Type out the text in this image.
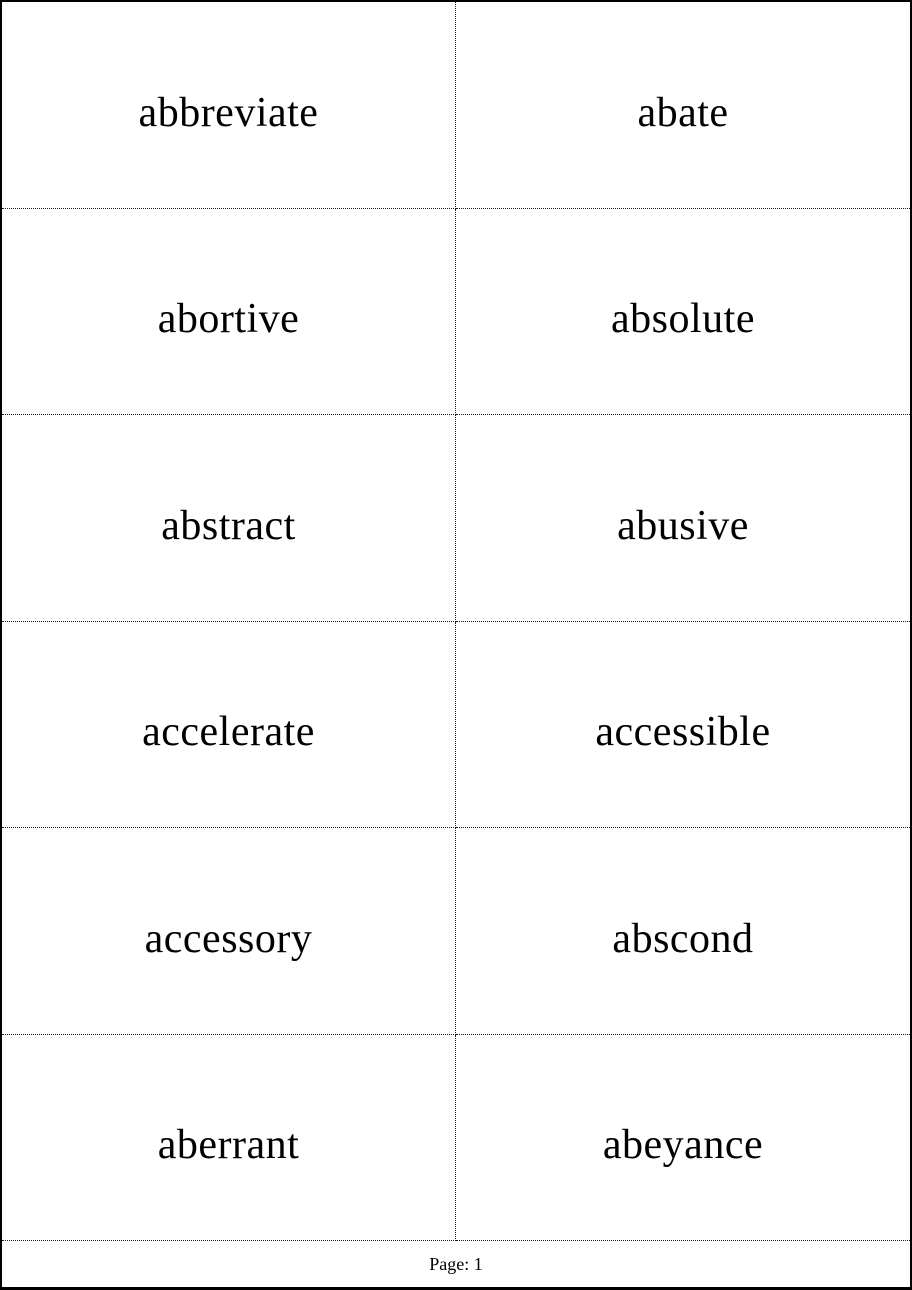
abbreviate	abate
abortive	absolute
abstract	abusive
accelerate	accessible
accessory	abscond
aberrant	abeyance
Page: 1
